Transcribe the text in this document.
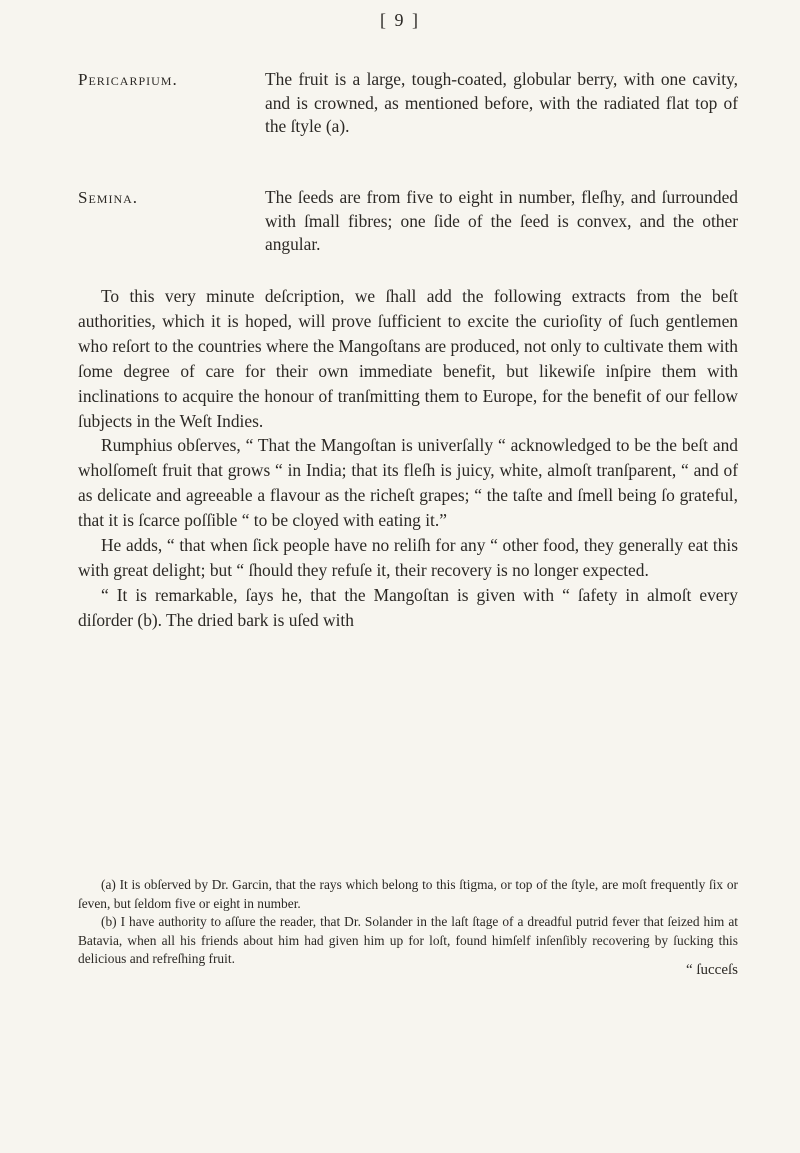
[ 9 ]
Pericarpium.	The fruit is a large, tough-coated, globular berry, with one cavity, and is crowned, as mentioned before, with the radiated flat top of the ſtyle (a).
Semina.	The ſeeds are from five to eight in number, fleſhy, and ſurrounded with ſmall fibres; one ſide of the ſeed is convex, and the other angular.

To this very minute deſcription, we ſhall add the following extracts from the beſt authorities, which it is hoped, will prove ſufficient to excite the curioſity of ſuch gentlemen who reſort to the countries where the Mangoſtans are produced, not only to cultivate them with ſome degree of care for their own immediate benefit, but likewiſe inſpire them with inclinations to acquire the honour of tranſmitting them to Europe, for the benefit of our fellow ſubjects in the Weſt Indies.

Rumphius obſerves, “ That the Mangoſtan is univerſally “ acknowledged to be the beſt and wholſomeſt fruit that grows “ in India; that its fleſh is juicy, white, almoſt tranſparent, “ and of as delicate and agreeable a flavour as the richeſt grapes; “ the taſte and ſmell being ſo grateful, that it is ſcarce poſſible “ to be cloyed with eating it.”

He adds, “ that when ſick people have no reliſh for any “ other food, they generally eat this with great delight; but “ ſhould they refuſe it, their recovery is no longer expected.

“ It is remarkable, ſays he, that the Mangoſtan is given with “ ſafety in almoſt every diſorder (b). The dried bark is uſed with

(a) It is obſerved by Dr. Garcin, that the rays which belong to this ſtigma, or top of the ſtyle, are moſt frequently ſix or ſeven, but ſeldom five or eight in number.

(b) I have authority to aſſure the reader, that Dr. Solander in the laſt ſtage of a dreadful putrid fever that ſeized him at Batavia, when all his friends about him had given him up for loſt, found himſelf inſenſibly recovering by ſucking this delicious and refreſhing fruit.

“ ſucceſs
